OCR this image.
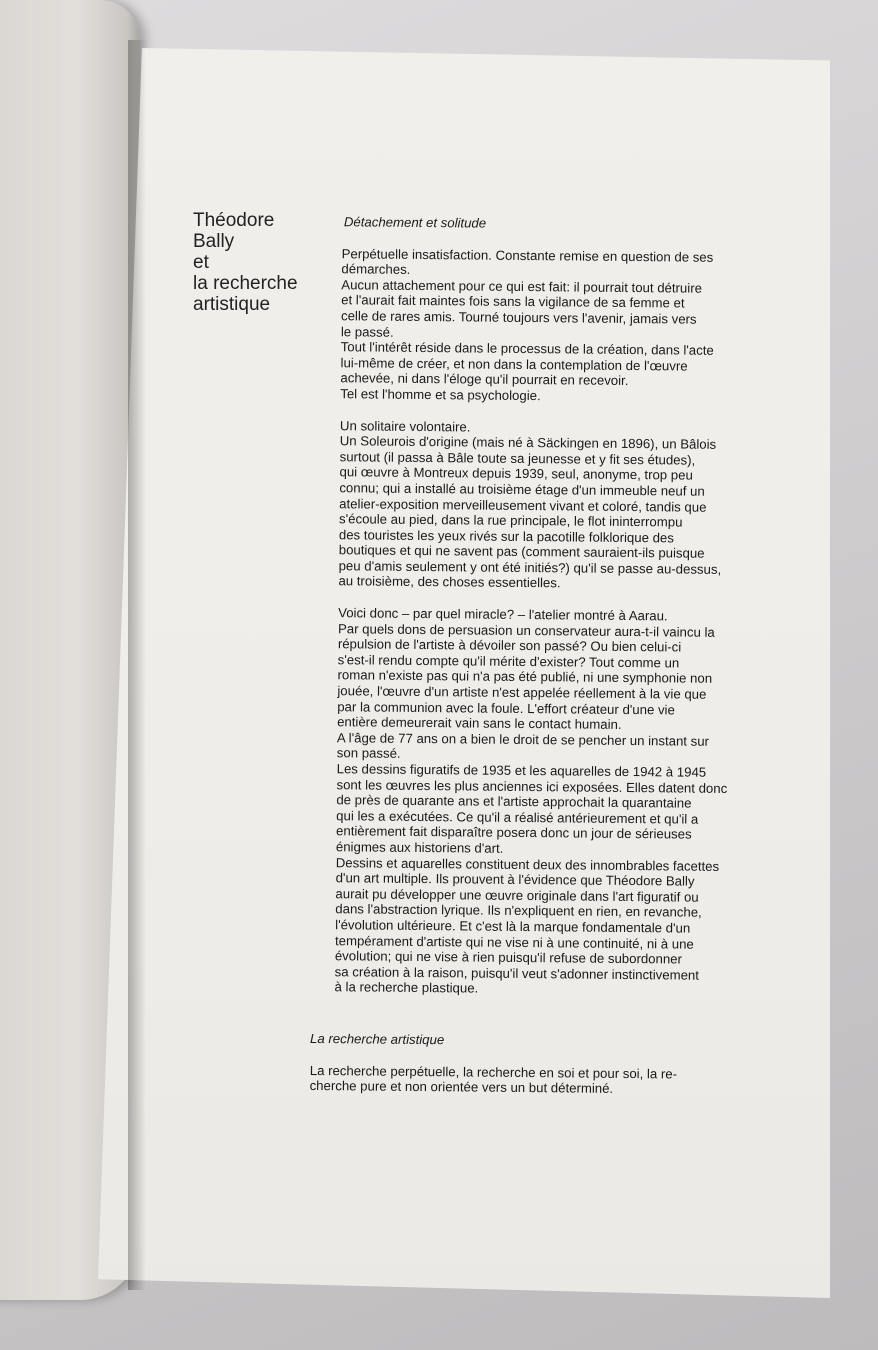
Théodore
Bally
et
la recherche
artistique

Détachement et solitude

Perpétuelle insatisfaction. Constante remise en question de ses

démarches.

Aucun attachement pour ce qui est fait: il pourrait tout détruire

et l'aurait fait maintes fois sans la vigilance de sa femme et

celle de rares amis. Tourné toujours vers l'avenir, jamais vers

le passé.

Tout l'intérêt réside dans le processus de la création, dans l'acte

lui-même de créer, et non dans la contemplation de l'œuvre

achevée, ni dans l'éloge qu'il pourrait en recevoir.

Tel est l'homme et sa psychologie.

Un solitaire volontaire.

Un Soleurois d'origine (mais né à Säckingen en 1896), un Bâlois

surtout (il passa à Bâle toute sa jeunesse et y fit ses études),

qui œuvre à Montreux depuis 1939, seul, anonyme, trop peu

connu; qui a installé au troisième étage d'un immeuble neuf un

atelier-exposition merveilleusement vivant et coloré, tandis que

s'écoule au pied, dans la rue principale, le flot ininterrompu

des touristes les yeux rivés sur la pacotille folklorique des

boutiques et qui ne savent pas (comment sauraient-ils puisque

peu d'amis seulement y ont été initiés?) qu'il se passe au-dessus,

au troisième, des choses essentielles.

Voici donc – par quel miracle? – l'atelier montré à Aarau.

Par quels dons de persuasion un conservateur aura-t-il vaincu la

répulsion de l'artiste à dévoiler son passé? Ou bien celui-ci

s'est-il rendu compte qu'il mérite d'exister? Tout comme un

roman n'existe pas qui n'a pas été publié, ni une symphonie non

jouée, l'œuvre d'un artiste n'est appelée réellement à la vie que

par la communion avec la foule. L'effort créateur d'une vie

entière demeurerait vain sans le contact humain.

A l'âge de 77 ans on a bien le droit de se pencher un instant sur

son passé.

Les dessins figuratifs de 1935 et les aquarelles de 1942 à 1945

sont les œuvres les plus anciennes ici exposées. Elles datent donc

de près de quarante ans et l'artiste approchait la quarantaine

qui les a exécutées. Ce qu'il a réalisé antérieurement et qu'il a

entièrement fait disparaître posera donc un jour de sérieuses

énigmes aux historiens d'art.

Dessins et aquarelles constituent deux des innombrables facettes

d'un art multiple. Ils prouvent à l'évidence que Théodore Bally

aurait pu développer une œuvre originale dans l'art figuratif ou

dans l'abstraction lyrique. Ils n'expliquent en rien, en revanche,

l'évolution ultérieure. Et c'est là la marque fondamentale d'un

tempérament d'artiste qui ne vise ni à une continuité, ni à une

évolution; qui ne vise à rien puisqu'il refuse de subordonner

sa création à la raison, puisqu'il veut s'adonner instinctivement

à la recherche plastique.

La recherche artistique

La recherche perpétuelle, la recherche en soi et pour soi, la re-

cherche pure et non orientée vers un but déterminé.
